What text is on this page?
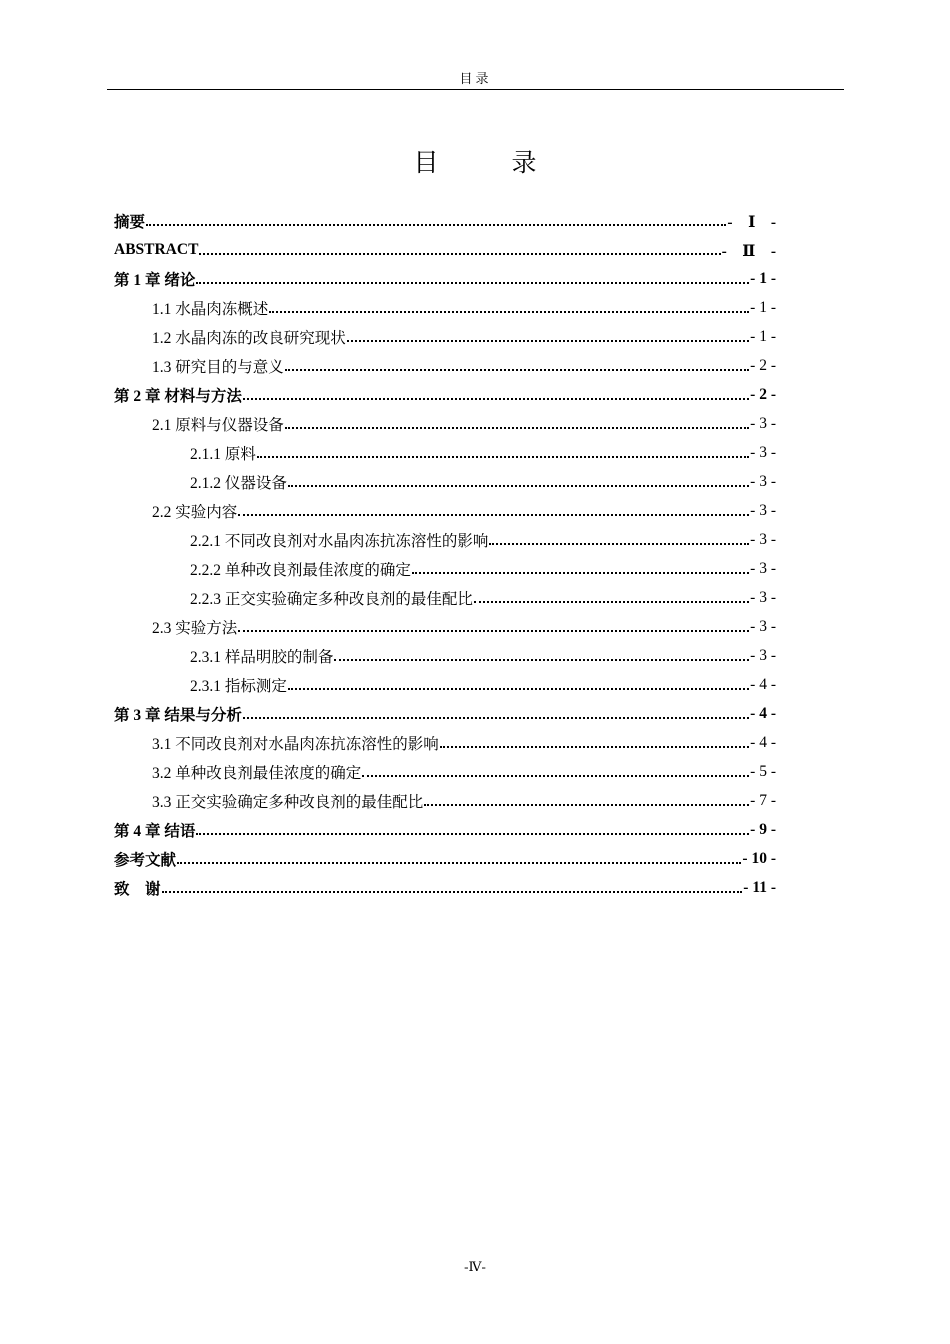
目录
目　录
摘要	-　Ⅰ　-
ABSTRACT	-　Ⅱ　-
第 1 章 绪论	- 1 -
1.1 水晶肉冻概述	- 1 -
1.2 水晶肉冻的改良研究现状	- 1 -
1.3 研究目的与意义	- 2 -
第 2 章 材料与方法	- 2 -
2.1 原料与仪器设备	- 3 -
2.1.1 原料	- 3 -
2.1.2 仪器设备	- 3 -
2.2 实验内容	- 3 -
2.2.1 不同改良剂对水晶肉冻抗冻溶性的影响	- 3 -
2.2.2 单种改良剂最佳浓度的确定	- 3 -
2.2.3 正交实验确定多种改良剂的最佳配比	- 3 -
2.3 实验方法	- 3 -
2.3.1 样品明胶的制备	- 3 -
2.3.1 指标测定	- 4 -
第 3 章 结果与分析	- 4 -
3.1 不同改良剂对水晶肉冻抗冻溶性的影响	- 4 -
3.2 单种改良剂最佳浓度的确定	- 5 -
3.3 正交实验确定多种改良剂的最佳配比	- 7 -
第 4 章 结语	- 9 -
参考文献	- 10 -
致　谢	- 11 -
-Ⅳ-
